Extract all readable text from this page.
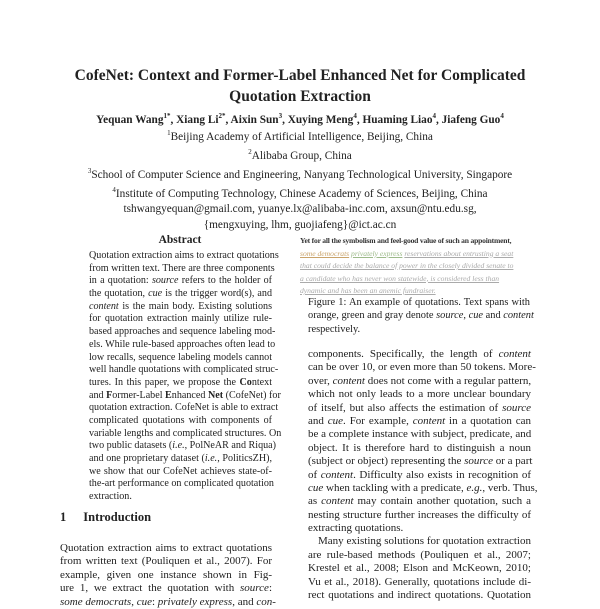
CofeNet: Context and Former-Label Enhanced Net for Complicated
Quotation Extraction
Yequan Wang$^{1*}$, Xiang $Li^{2*}$, Aixin Sun$^3$, Xuying Meng$^4$, Huaming Liao$^4$, Jiafeng Guo$^4$
$^1$Beijing Academy of Artificial Intelligence, Beijing, China
$^2$Alibaba Group, China
$^3$School of Computer Science and Engineering, Nanyang Technological University, Singapore
$^4$Institute of Computing Technology, Chinese Academy of Sciences, Beijing, China
tshwangyequan@gmail.com, yuanye.lx@alibaba-inc.com, axsun@ntu.edu.sg,
{mengxuying, lhm, guojiafeng}@ict.ac.cn
Abstract
Quotation extraction aims to extract quotations
from written text. There are three components
in a quotation: source refers to the holder of
the quotation, cue is the trigger word(s), and
content is the main body. Existing solutions
for quotation extraction mainly utilize rule-
based approaches and sequence labeling mod-
els. While rule-based approaches often lead to
low recalls, sequence labeling models cannot
well handle quotations with complicated struc-
tures. In this paper, we propose the Context
and Former-Label Enhanced Net (CofeNet) for
quotation extraction. CofeNet is able to extract
complicated quotations with components of
variable lengths and complicated structures. On
two public datasets (i.e., PolNeAR and Riqua)
and one proprietary dataset (i.e., PoliticsZH),
we show that our CofeNet achieves state-of-
the-art performance on complicated quotation
extraction.
1 Introduction
Quotation extraction aims to extract quotations
from written text (Pouliquen et al., 2007). For
example, given one instance shown in Fig-
ure 1, we extract the quotation with source:
some democrats, cue: privately express, and con-
Yet for all the symbolism and feel-good value of such an appointment,
some democrats privately express reservations about entrusting a seat
that could decide the balance of power in the closely divided senate to
a candidate who has never won statewide, is considered less than
dynamic and has been an anemic fundraiser.
Figure 1: An example of quotations. Text spans with
orange, green and gray denote source, cue and content
respectively.
components. Specifically, the length of content
can be over 10, or even more than 50 tokens. More-
over, content does not come with a regular pattern,
which not only leads to a more unclear boundary
of itself, but also affects the estimation of source
and cue. For example, content in a quotation can
be a complete instance with subject, predicate, and
object. It is therefore hard to distinguish a noun
(subject or object) representing the source or a part
of content. Difficulty also exists in recognition of
cue when tackling with a predicate, e.g., verb. Thus,
as content may contain another quotation, such a
nesting structure further increases the difficulty of
extracting quotations.
Many existing solutions for quotation extraction
are rule-based methods (Pouliquen et al., 2007;
Krestel et al., 2008; Elson and McKeown, 2010;
Vu et al., 2018). Generally, quotations include di-
rect quotations and indirect quotations. Quotation
